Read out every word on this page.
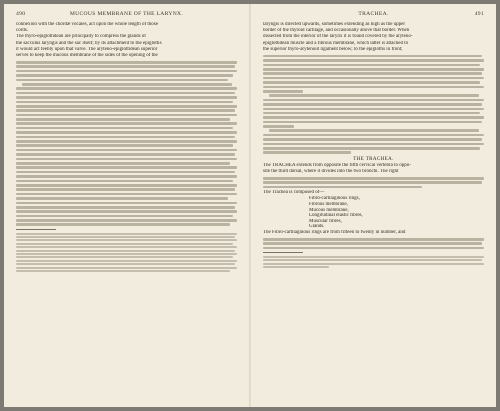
490	MUCOUS MEMBRANE OF THE LARYNX.
connexion with the chordæ vocales, act upon the whole length of those
cords.
The thyro-epiglottidean are principally to compress the glands of
the sacculus laryngis and the sac itself; by its attachment to the epiglottis
it would act feebly upon that valve. The aryteno-epiglottidean superior
serves to keep the mucous membrane of the sides of the opening of the
TRACHEA.	491
laryngis is directed upwards, sometimes extending as high as the upper
border of the thyroid cartilage, and occasionally above that border. When
dissected from the interior of the larynx it is found covered by the aryteno-
epiglottidean muscle and a fibrous membrane, which latter is attached to
the superior thyro-arytenoid ligament below; to the epiglottis in front;
THE TRACHEA.
The TRACHEA extends from opposite the fifth cervical vertebra to oppo-
site the third dorsal, where it divides into the two bronchi. The right
The Trachea is composed of—
Fibro-cartilaginous rings,
Fibrous membrane,
Mucous membrane,
Longitudinal elastic fibres,
Muscular fibres,
Glands.
The Fibro-cartilaginous rings are from fifteen to twenty in number, and
